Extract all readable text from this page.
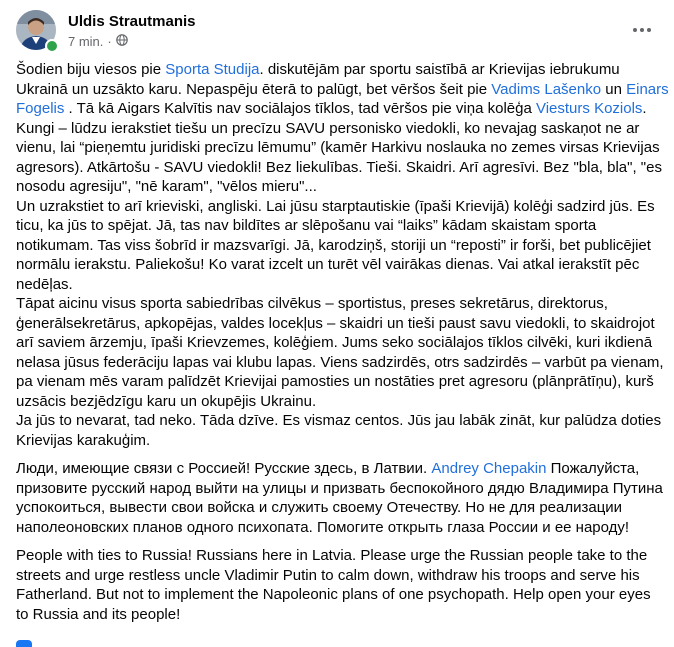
Uldis Strautmanis
7 min. ·

Šodien biju viesos pie Sporta Studija. diskutējām par sportu saistībā ar Krievijas iebrukumu
Ukrainā un uzsākto karu. Nepaspēju ēterā to palūgt, bet vēršos šeit pie Vadims Lašenko un Einars
Fogelis . Tā kā Aigars Kalvītis nav sociālajos tīklos, tad vēršos pie viņa kolēģa Viesturs Koziols.
Kungi – lūdzu ierakstiet tiešu un precīzu SAVU personisko viedokli, ko nevajag saskaņot ne ar
vienu, lai “pieņemtu juridiski precīzu lēmumu” (kamēr Harkivu noslauka no zemes virsas Krievijas
agresors). Atkārtošu - SAVU viedokli! Bez liekulības. Tieši. Skaidri. Arī agresīvi. Bez "bla, bla", "es
nosodu agresiju", "nē karam", "vēlos mieru"...
Un uzrakstiet to arī krieviski, angliski. Lai jūsu starptautiskie (īpaši Krievijā) kolēģi sadzird jūs. Es
ticu, ka jūs to spējat. Jā, tas nav bildītes ar slēpošanu vai “laiks” kādam skaistam sporta
notikumam. Tas viss šobrīd ir mazsvarīgi. Jā, karodziņš, storiji un “reposti” ir forši, bet publicējiet
normālu ierakstu. Paliekošu! Ko varat izcelt un turēt vēl vairākas dienas. Vai atkal ierakstīt pēc
nedēļas.
Tāpat aicinu visus sporta sabiedrības cilvēkus – sportistus, preses sekretārus, direktorus,
ģenerālsekretārus, apkopējas, valdes locekļus – skaidri un tieši paust savu viedokli, to skaidrojot
arī saviem ārzemju, īpaši Krievzemes, kolēģiem. Jums seko sociālajos tīklos cilvēki, kuri ikdienā
nelasa jūsus federāciju lapas vai klubu lapas. Viens sadzirdēs, otrs sadzirdēs – varbūt pa vienam,
pa vienam mēs varam palīdzēt Krievijai pamosties un nostāties pret agresoru (plānprātīņu), kurš
uzsācis bezjēdzīgu karu un okupējis Ukrainu.
Ja jūs to nevarat, tad neko. Tāda dzīve. Es vismaz centos. Jūs jau labāk zināt, kur palūdza doties
Krievijas karakuģim.

Люди, имеющие связи с Россией! Русские здесь, в Латвии. Andrey Chepakin Пожалуйста,
призовите русский народ выйти на улицы и призвать беспокойного дядю Владимира Путина
успокоиться, вывести свои войска и служить своему Отечеству. Но не для реализации
наполеоновских планов одного психопата. Помогите открыть глаза России и ее народу!

People with ties to Russia! Russians here in Latvia. Please urge the Russian people take to the
streets and urge restless uncle Vladimir Putin to calm down, withdraw his troops and serve his
Fatherland. But not to implement the Napoleonic plans of one psychopath. Help open your eyes
to Russia and its people!
